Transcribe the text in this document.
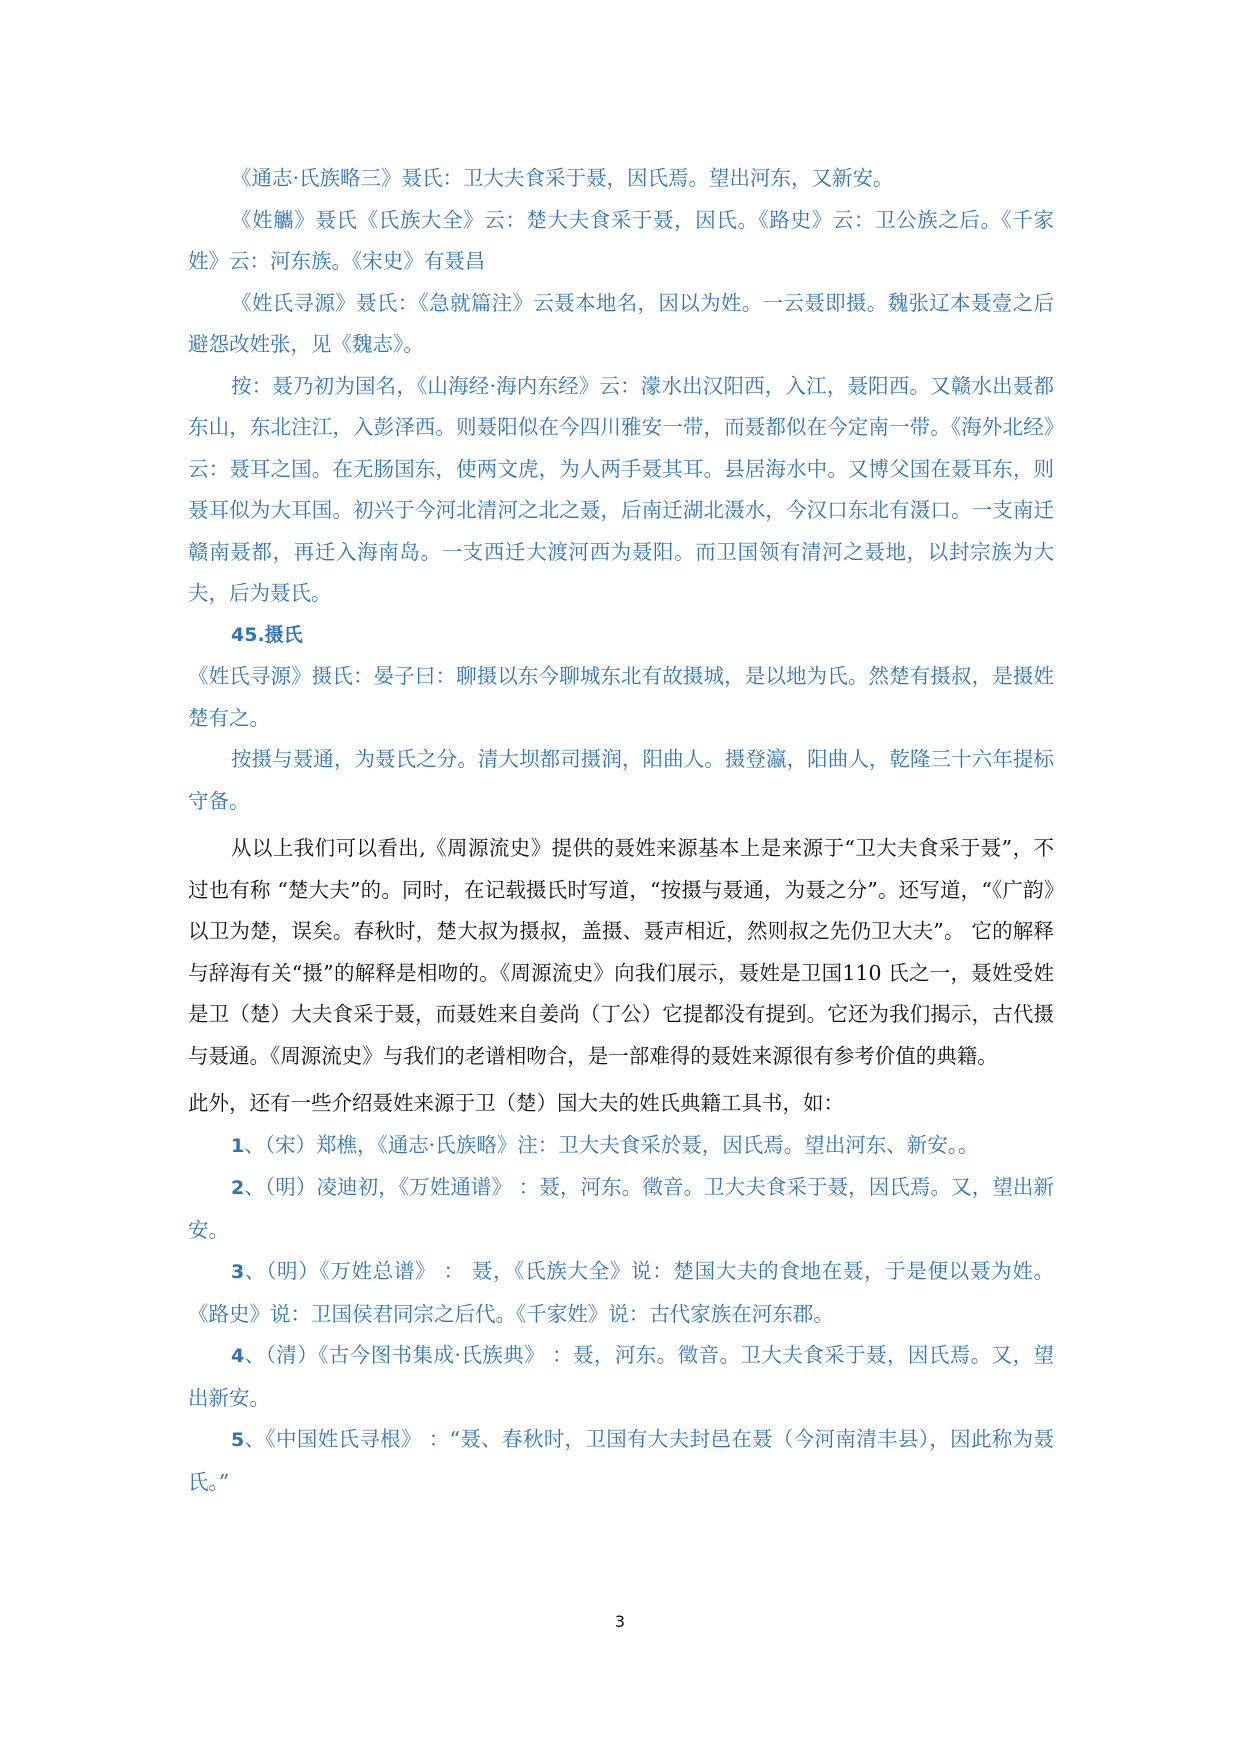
《通志·氏族略三》聂氏：卫大夫食采于聂，因氏焉。望出河东，又新安。

《姓觿》聂氏《氏族大全》云：楚大夫食采于聂，因氏。《路史》云：卫公族之后。《千家姓》云：河东族。《宋史》有聂昌

《姓氏寻源》聂氏：《急就篇注》云聂本地名，因以为姓。一云聂即摄。魏张辽本聂壹之后避怨改姓张，见《魏志》。

按：聂乃初为国名，《山海经·海内东经》云：濛水出汉阳西，入江，聂阳西。又赣水出聂都东山，东北注江，入彭泽西。则聂阳似在今四川雅安一带，而聂都似在今定南一带。《海外北经》云：聂耳之国。在无肠国东，使两文虎，为人两手聂其耳。县居海水中。又博父国在聂耳东，则聂耳似为大耳国。初兴于今河北清河之北之聂，后南迁湖北滠水，今汉口东北有滠口。一支南迁赣南聂都，再迁入海南岛。一支西迁大渡河西为聂阳。而卫国领有清河之聂地，以封宗族为大夫，后为聂氏。

45.摄氏

《姓氏寻源》摄氏：晏子曰：聊摄以东今聊城东北有故摄城，是以地为氏。然楚有摄叔，是摄姓楚有之。

按摄与聂通，为聂氏之分。清大坝都司摄润，阳曲人。摄登瀛，阳曲人，乾隆三十六年提标守备。

从以上我们可以看出,《周源流史》提供的聂姓来源基本上是来源于“卫大夫食采于聂”，不过也有称 “楚大夫”的。同时，在记载摄氏时写道，“按摄与聂通，为聂之分”。还写道，“《广韵》以卫为楚，误矣。春秋时，楚大叔为摄叔，盖摄、聂声相近，然则叔之先仍卫大夫”。 它的解释与辞海有关“摄”的解释是相吻的。《周源流史》向我们展示，聂姓是卫国110 氏之一，聂姓受姓是卫（楚）大夫食采于聂，而聂姓来自姜尚（丁公）它提都没有提到。它还为我们揭示，古代摄与聂通。《周源流史》与我们的老谱相吻合，是一部难得的聂姓来源很有参考价值的典籍。

此外，还有一些介绍聂姓来源于卫（楚）国大夫的姓氏典籍工具书，如：

1、（宋）郑樵，《通志·氏族略》注：卫大夫食采於聂，因氏焉。望出河东、新安。。

2、（明）凌迪初，《万姓通谱》 ：聂，河东。徵音。卫大夫食采于聂，因氏焉。又，望出新安。

3、（明）《万姓总谱》 ： 聂，《氏族大全》说：楚国大夫的食地在聂，于是便以聂为姓。《路史》说：卫国侯君同宗之后代。《千家姓》说：古代家族在河东郡。

4、（清）《古今图书集成·氏族典》 ：聂，河东。徵音。卫大夫食采于聂，因氏焉。又，望出新安。

5、《中国姓氏寻根》 ：“聂、春秋时，卫国有大夫封邑在聂（今河南清丰县），因此称为聂氏。”

3
